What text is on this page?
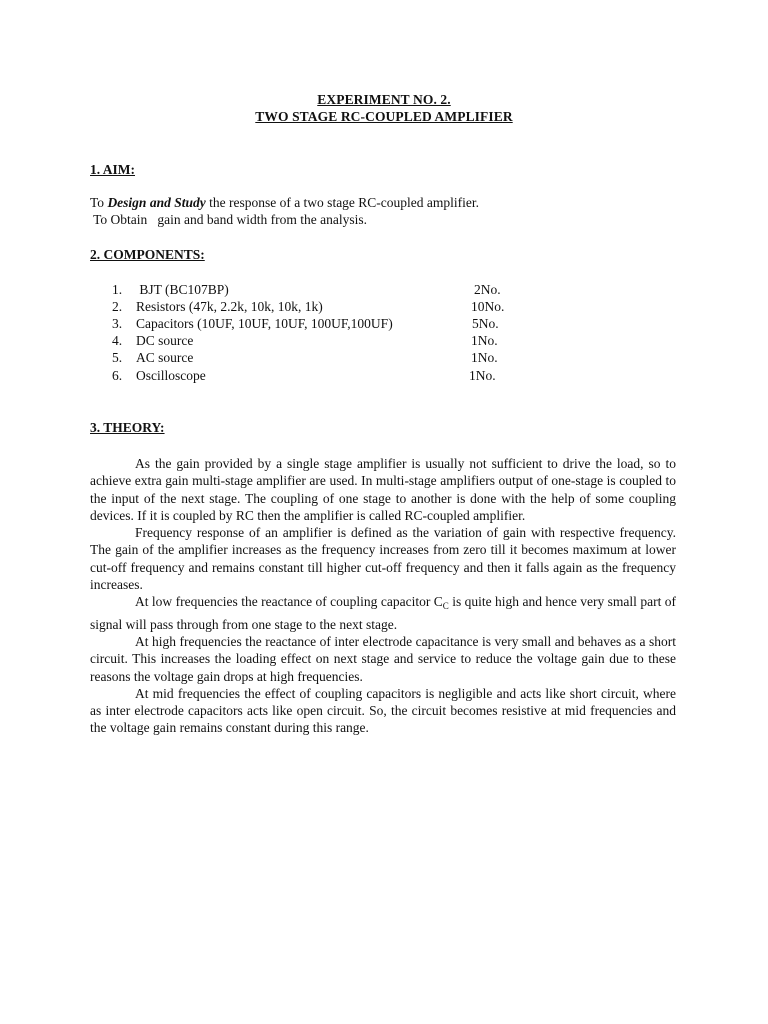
EXPERIMENT NO. 2.
TWO STAGE RC-COUPLED AMPLIFIER
1. AIM:
To Design and Study the response of a two stage RC-coupled amplifier.
To Obtain   gain and band width from the analysis.
2. COMPONENTS:
1. BJT (BC107BP)	2No.
2. Resistors (47k, 2.2k, 10k, 10k, 1k)	10No.
3. Capacitors (10UF, 10UF, 10UF, 100UF,100UF)	5No.
4. DC source	1No.
5. AC source	1No.
6. Oscilloscope	1No.
3. THEORY:

As the gain provided by a single stage amplifier is usually not sufficient to drive the load, so to achieve extra gain multi-stage amplifier are used. In multi-stage amplifiers output of one-stage is coupled to the input of the next stage. The coupling of one stage to another is done with the help of some coupling devices. If it is coupled by RC then the amplifier is called RC-coupled amplifier.

Frequency response of an amplifier is defined as the variation of gain with respective frequency. The gain of the amplifier increases as the frequency increases from zero till it becomes maximum at lower cut-off frequency and remains constant till higher cut-off frequency and then it falls again as the frequency increases.

At low frequencies the reactance of coupling capacitor $C_C$ is quite high and hence very small part of signal will pass through from one stage to the next stage.

At high frequencies the reactance of inter electrode capacitance is very small and behaves as a short circuit. This increases the loading effect on next stage and service to reduce the voltage gain due to these reasons the voltage gain drops at high frequencies.

At mid frequencies the effect of coupling capacitors is negligible and acts like short circuit, where as inter electrode capacitors acts like open circuit. So, the circuit becomes resistive at mid frequencies and the voltage gain remains constant during this range.
